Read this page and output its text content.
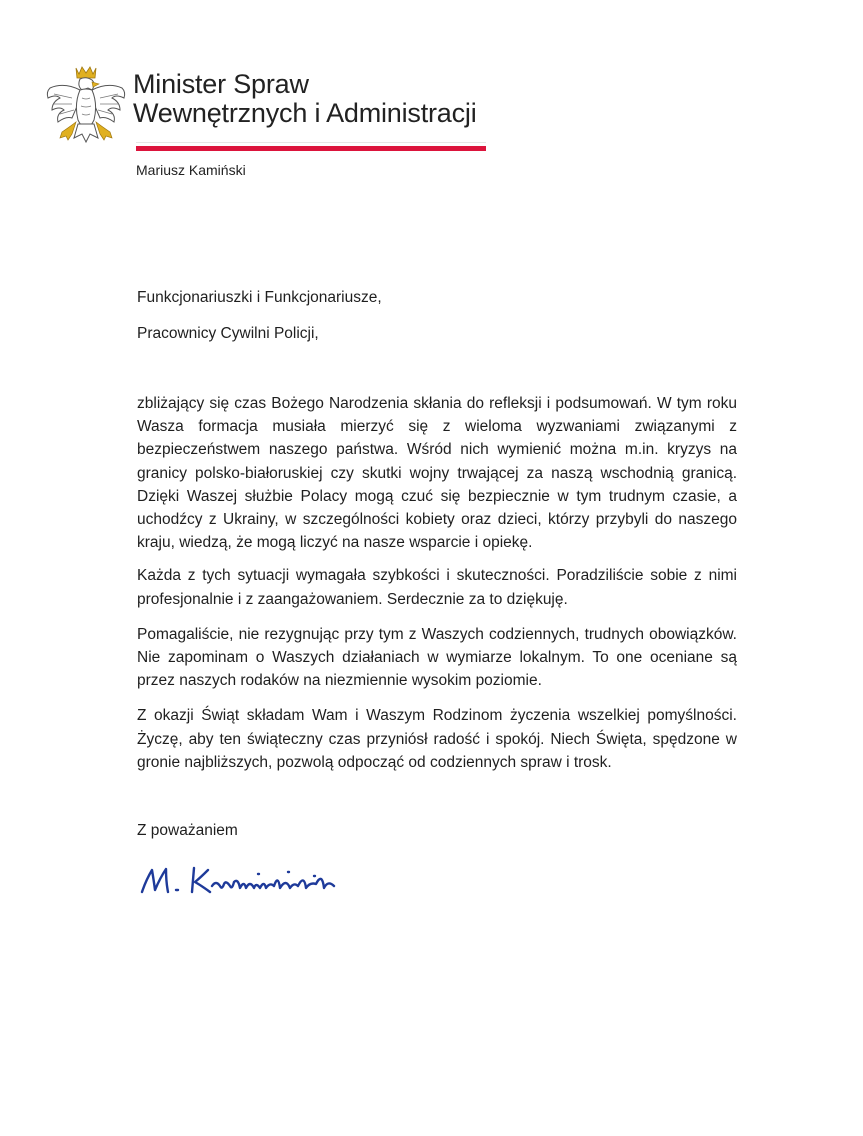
Minister Spraw
Wewnętrznych i Administracji
Mariusz Kamiński
Funkcjonariuszki i Funkcjonariusze,
Pracownicy Cywilni Policji,

zbliżający się czas Bożego Narodzenia skłania do refleksji i podsumowań. W tym roku Wasza formacja musiała mierzyć się z wieloma wyzwaniami związanymi z bezpieczeństwem naszego państwa. Wśród nich wymienić można m.in. kryzys na granicy polsko-białoruskiej czy skutki wojny trwającej za naszą wschodnią granicą. Dzięki Waszej służbie Polacy mogą czuć się bezpiecznie w tym trudnym czasie, a uchodźcy z Ukrainy, w szczególności kobiety oraz dzieci, którzy przybyli do naszego kraju, wiedzą, że mogą liczyć na nasze wsparcie i opiekę.

Każda z tych sytuacji wymagała szybkości i skuteczności. Poradziliście sobie z nimi profesjonalnie i z zaangażowaniem. Serdecznie za to dziękuję.

Pomagaliście, nie rezygnując przy tym z Waszych codziennych, trudnych obowiązków. Nie zapominam o Waszych działaniach w wymiarze lokalnym. To one oceniane są przez naszych rodaków na niezmiennie wysokim poziomie.

Z okazji Świąt składam Wam i Waszym Rodzinom życzenia wszelkiej pomyślności. Życzę, aby ten świąteczny czas przyniósł radość i spokój. Niech Święta, spędzone w gronie najbliższych, pozwolą odpocząć od codziennych spraw i trosk.

Z poważaniem
